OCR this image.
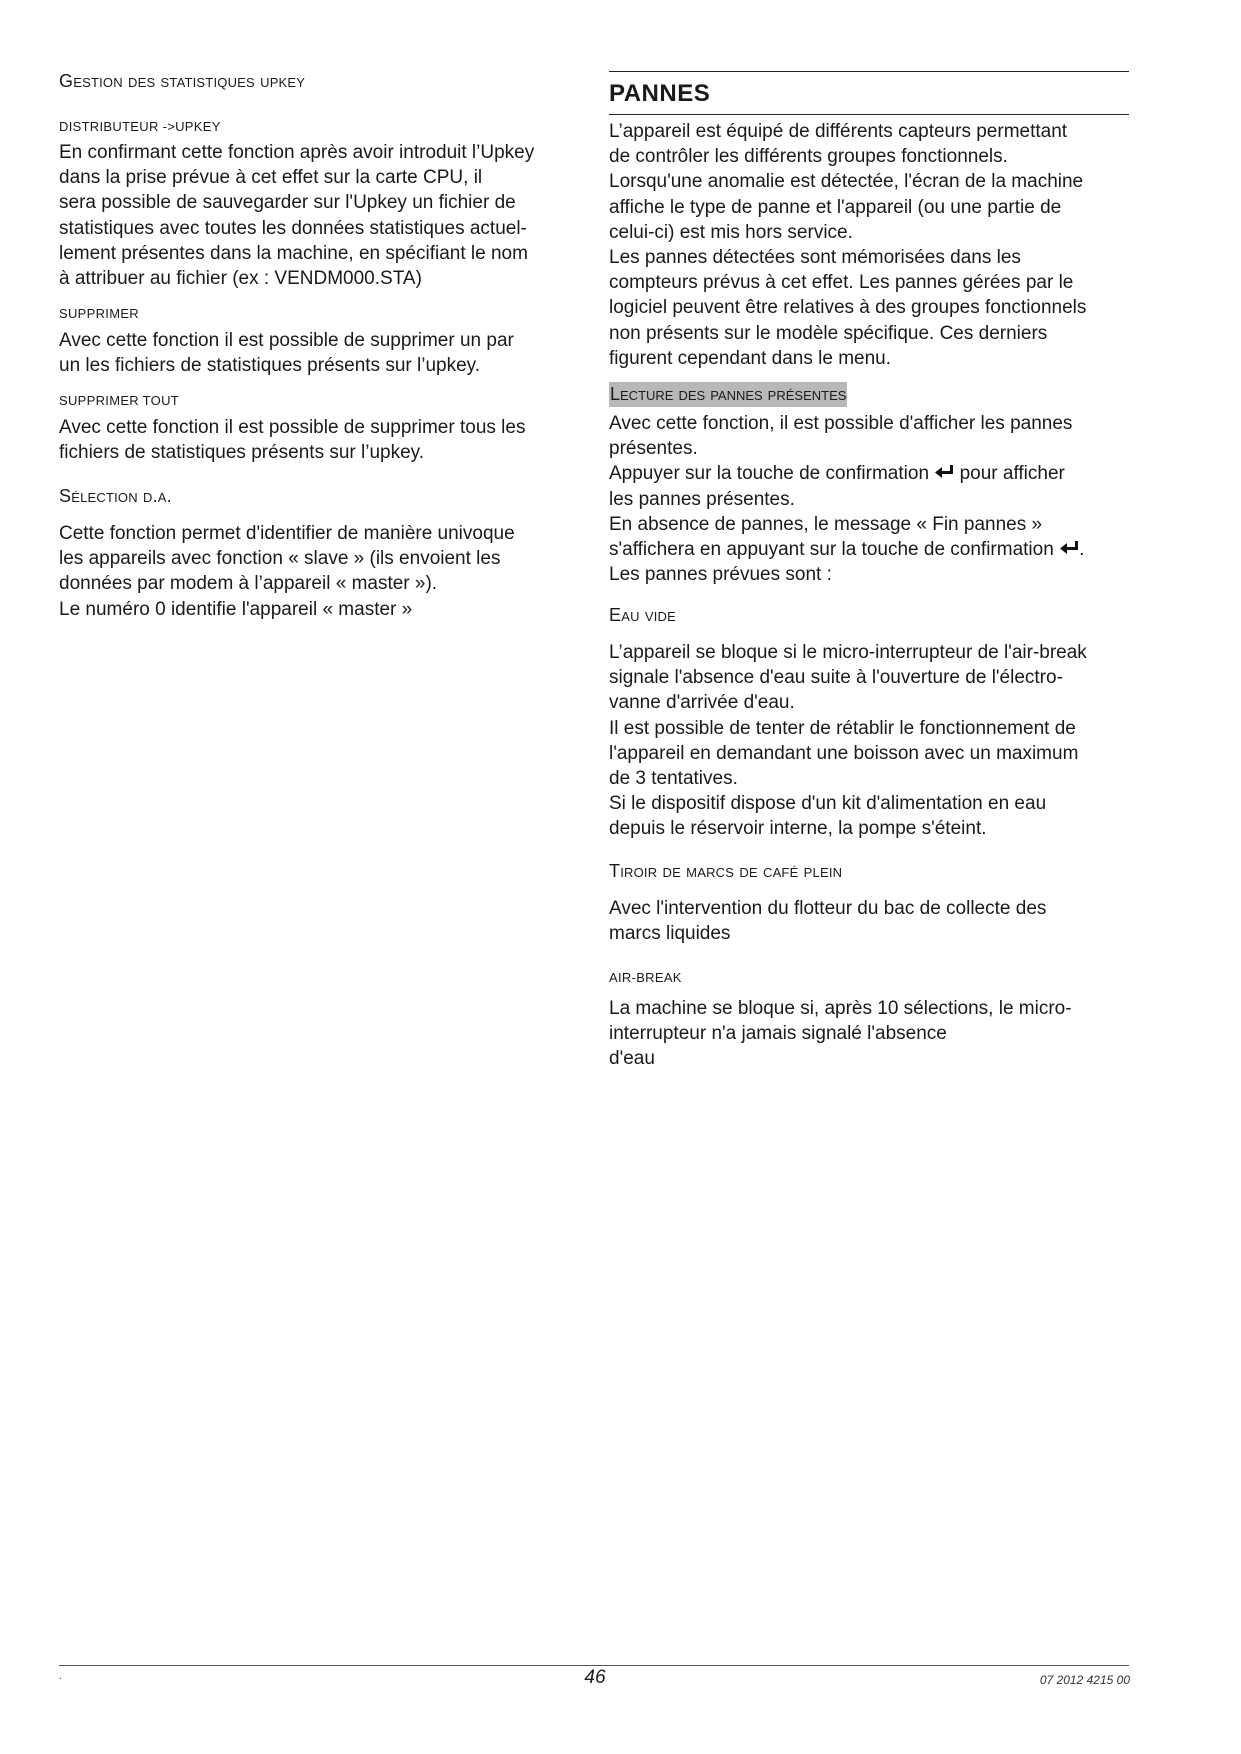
Gestion des statistiques upkey
DISTRIBUTEUR ->UPKEY

En confirmant cette fonction après avoir introduit l’Upkey
dans la prise prévue à cet effet sur la carte CPU, il
sera possible de sauvegarder sur l'Upkey un fichier de
statistiques avec toutes les données statistiques actuel-
lement présentes dans la machine, en spécifiant le nom
à attribuer au fichier (ex : VENDM000.STA)

SUPPRIMER

Avec cette fonction il est possible de supprimer un par
un les fichiers de statistiques présents sur l’upkey.

SUPPRIMER TOUT

Avec cette fonction il est possible de supprimer tous les
fichiers de statistiques présents sur l’upkey.

Sélection d.a.

Cette fonction permet d'identifier de manière univoque
les appareils avec fonction « slave » (ils envoient les
données par modem à l’appareil « master »).
Le numéro 0 identifie l'appareil « master »

PANNES

L’appareil est équipé de différents capteurs permettant
de contrôler les différents groupes fonctionnels.
Lorsqu'une anomalie est détectée, l'écran de la machine
affiche le type de panne et l'appareil (ou une partie de
celui-ci) est mis hors service.
Les pannes détectées sont mémorisées dans les
compteurs prévus à cet effet. Les pannes gérées par le
logiciel peuvent être relatives à des groupes fonctionnels
non présents sur le modèle spécifique. Ces derniers
figurent cependant dans le menu.

Lecture des pannes présentes

Avec cette fonction, il est possible d'afficher les pannes
présentes.
Appuyer sur la touche de confirmation  pour afficher
les pannes présentes.
En absence de pannes, le message « Fin pannes »
s'affichera en appuyant sur la touche de confirmation .
Les pannes prévues sont :

Eau vide

L’appareil se bloque si le micro-interrupteur de l'air-break
signale l'absence d'eau suite à l'ouverture de l'électro-
vanne d'arrivée d'eau.
Il est possible de tenter de rétablir le fonctionnement de
l'appareil en demandant une boisson avec un maximum
de 3 tentatives.
Si le dispositif dispose d'un kit d'alimentation en eau
depuis le réservoir interne, la pompe s'éteint.

Tiroir de marcs de café plein

Avec l'intervention du flotteur du bac de collecte des
marcs liquides

AIR-BREAK

La machine se bloque si, après 10 sélections, le micro-
interrupteur n'a jamais signalé l'absence
d'eau

.	46	07 2012 4215 00
